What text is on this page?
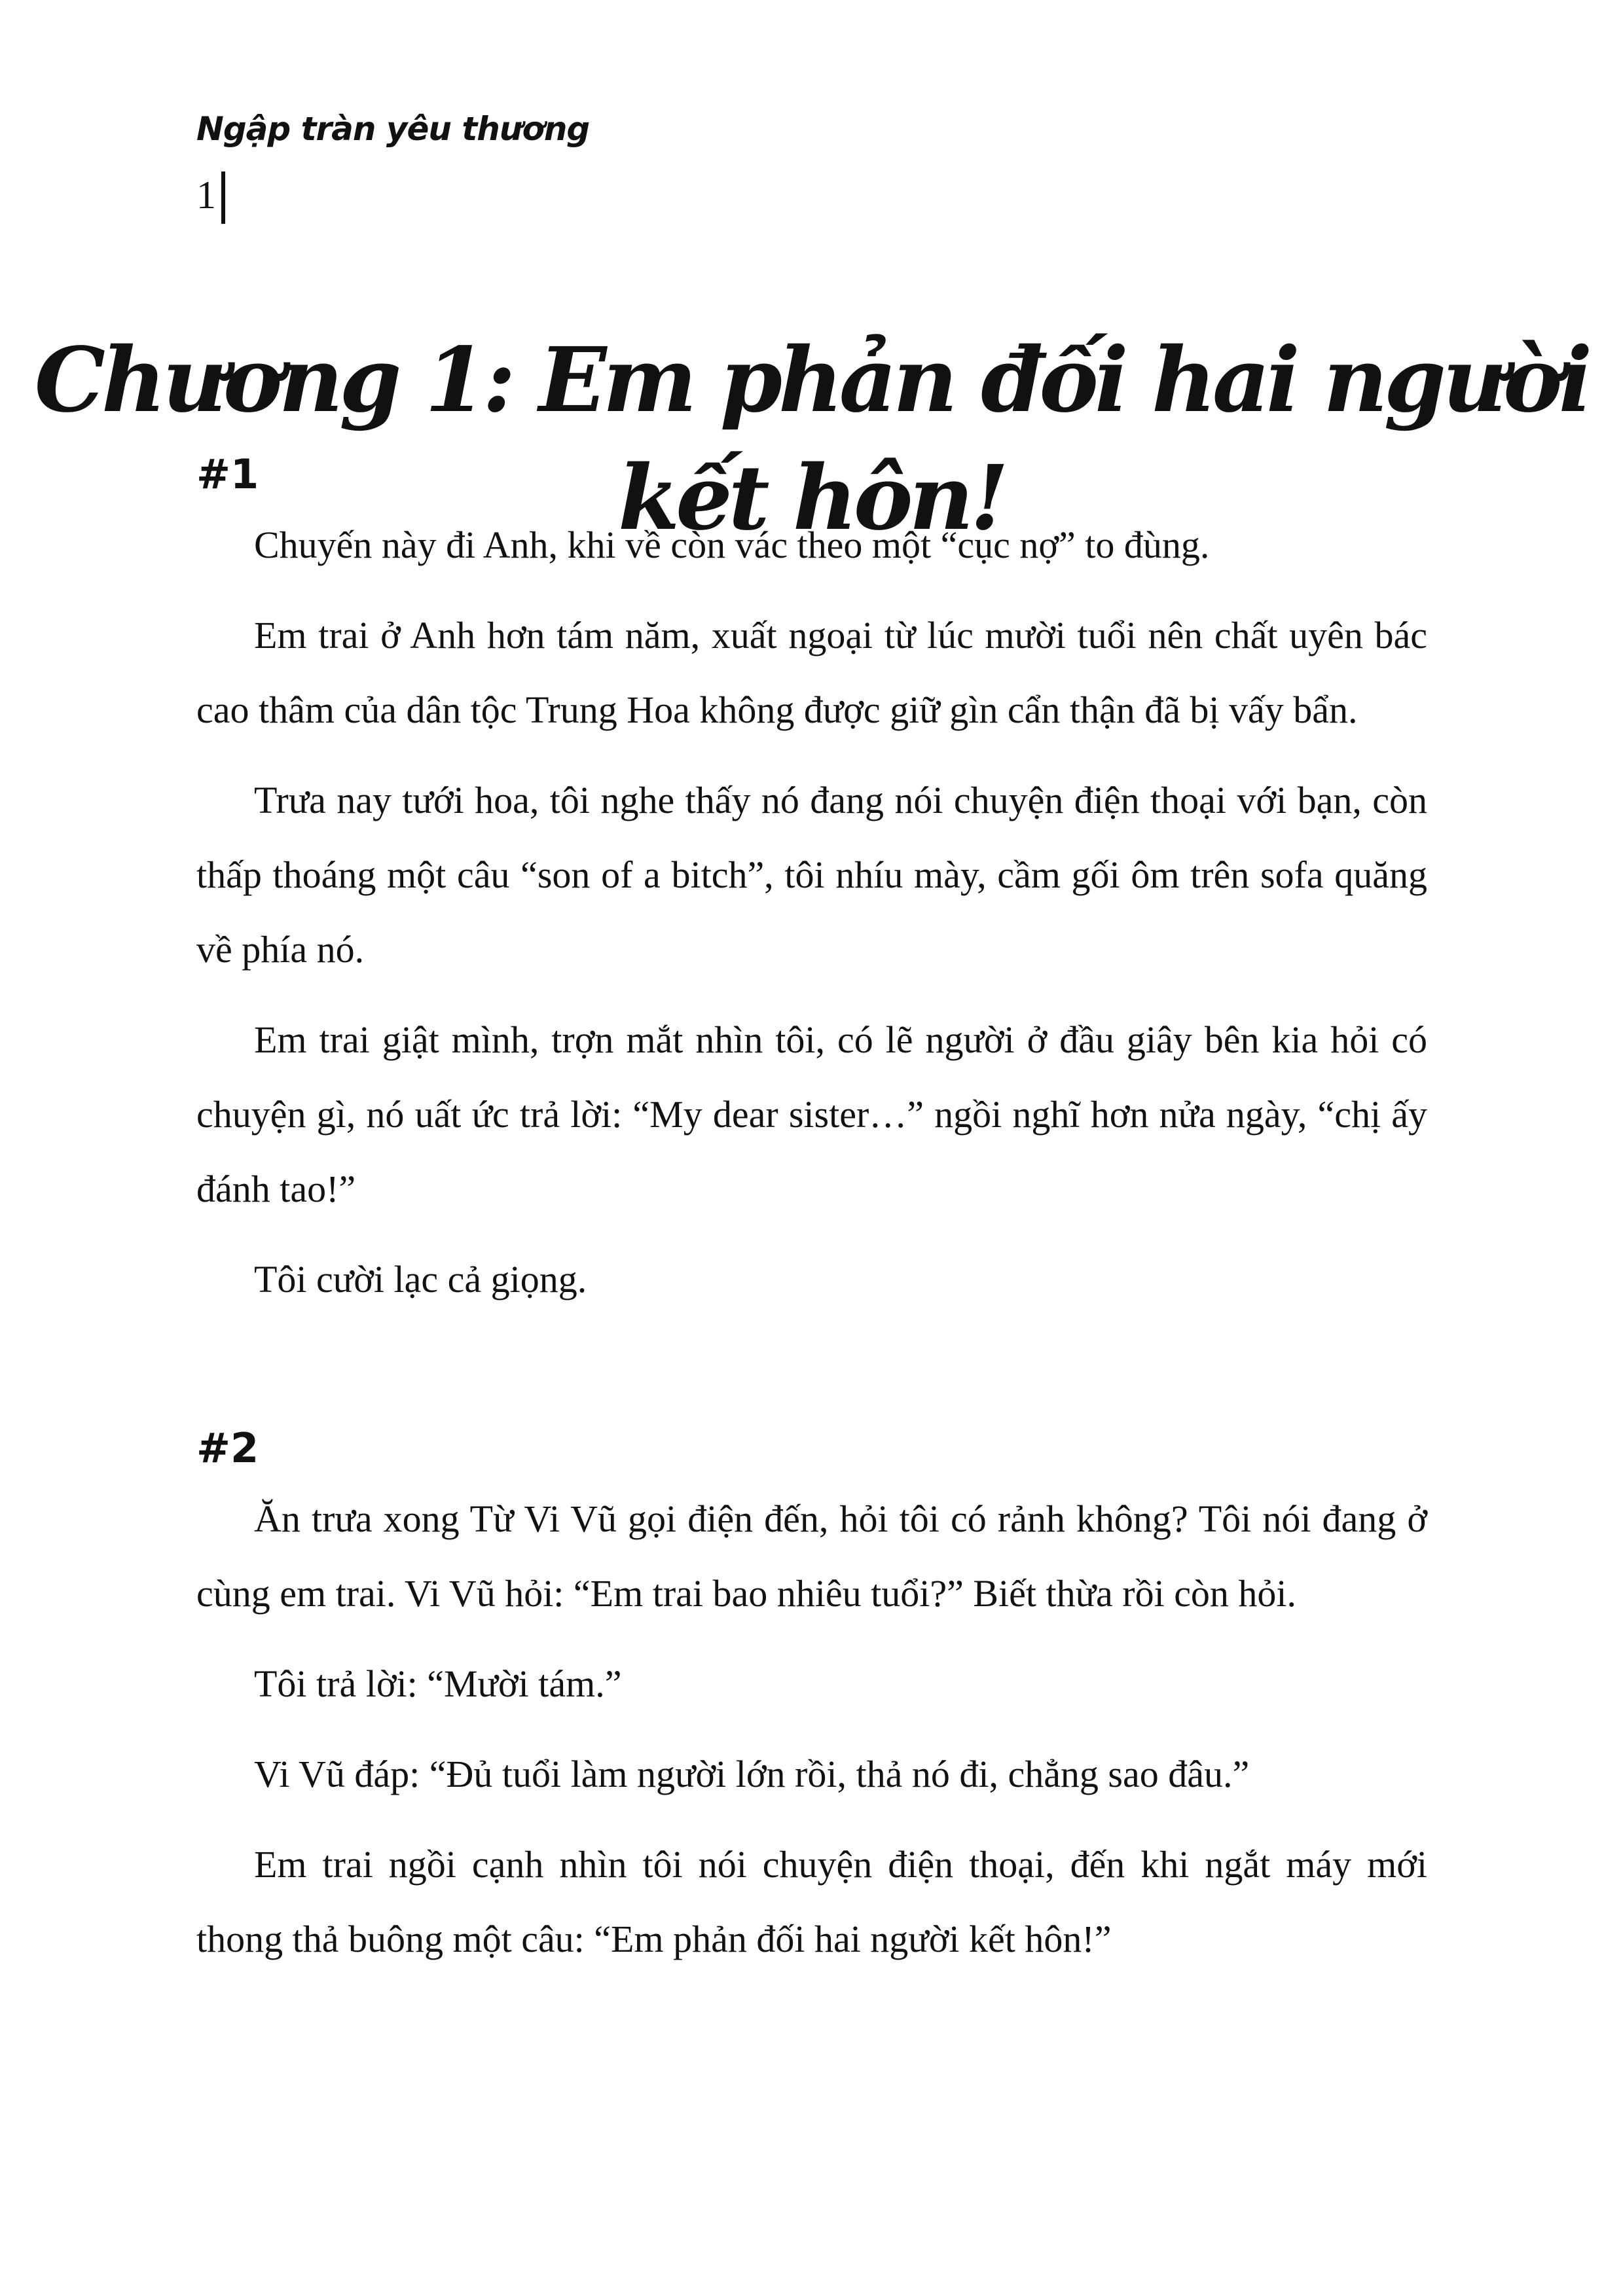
Ngập tràn yêu thương
1
Chương 1: Em phản đối hai người kết hôn!
#1

Chuyến này đi Anh, khi về còn vác theo một “cục nợ” to đùng.

Em trai ở Anh hơn tám năm, xuất ngoại từ lúc mười tuổi nên chất uyên bác cao thâm của dân tộc Trung Hoa không được giữ gìn cẩn thận đã bị vấy bẩn.

Trưa nay tưới hoa, tôi nghe thấy nó đang nói chuyện điện thoại với bạn, còn thấp thoáng một câu “son of a bitch”, tôi nhíu mày, cầm gối ôm trên sofa quăng về phía nó.

Em trai giật mình, trợn mắt nhìn tôi, có lẽ người ở đầu giây bên kia hỏi có chuyện gì, nó uất ức trả lời: “My dear sister…” ngồi nghĩ hơn nửa ngày, “chị ấy đánh tao!”

Tôi cười lạc cả giọng.

#2

Ăn trưa xong Từ Vi Vũ gọi điện đến, hỏi tôi có rảnh không? Tôi nói đang ở cùng em trai. Vi Vũ hỏi: “Em trai bao nhiêu tuổi?” Biết thừa rồi còn hỏi.

Tôi trả lời: “Mười tám.”

Vi Vũ đáp: “Đủ tuổi làm người lớn rồi, thả nó đi, chẳng sao đâu.”

Em trai ngồi cạnh nhìn tôi nói chuyện điện thoại, đến khi ngắt máy mới thong thả buông một câu: “Em phản đối hai người kết hôn!”
